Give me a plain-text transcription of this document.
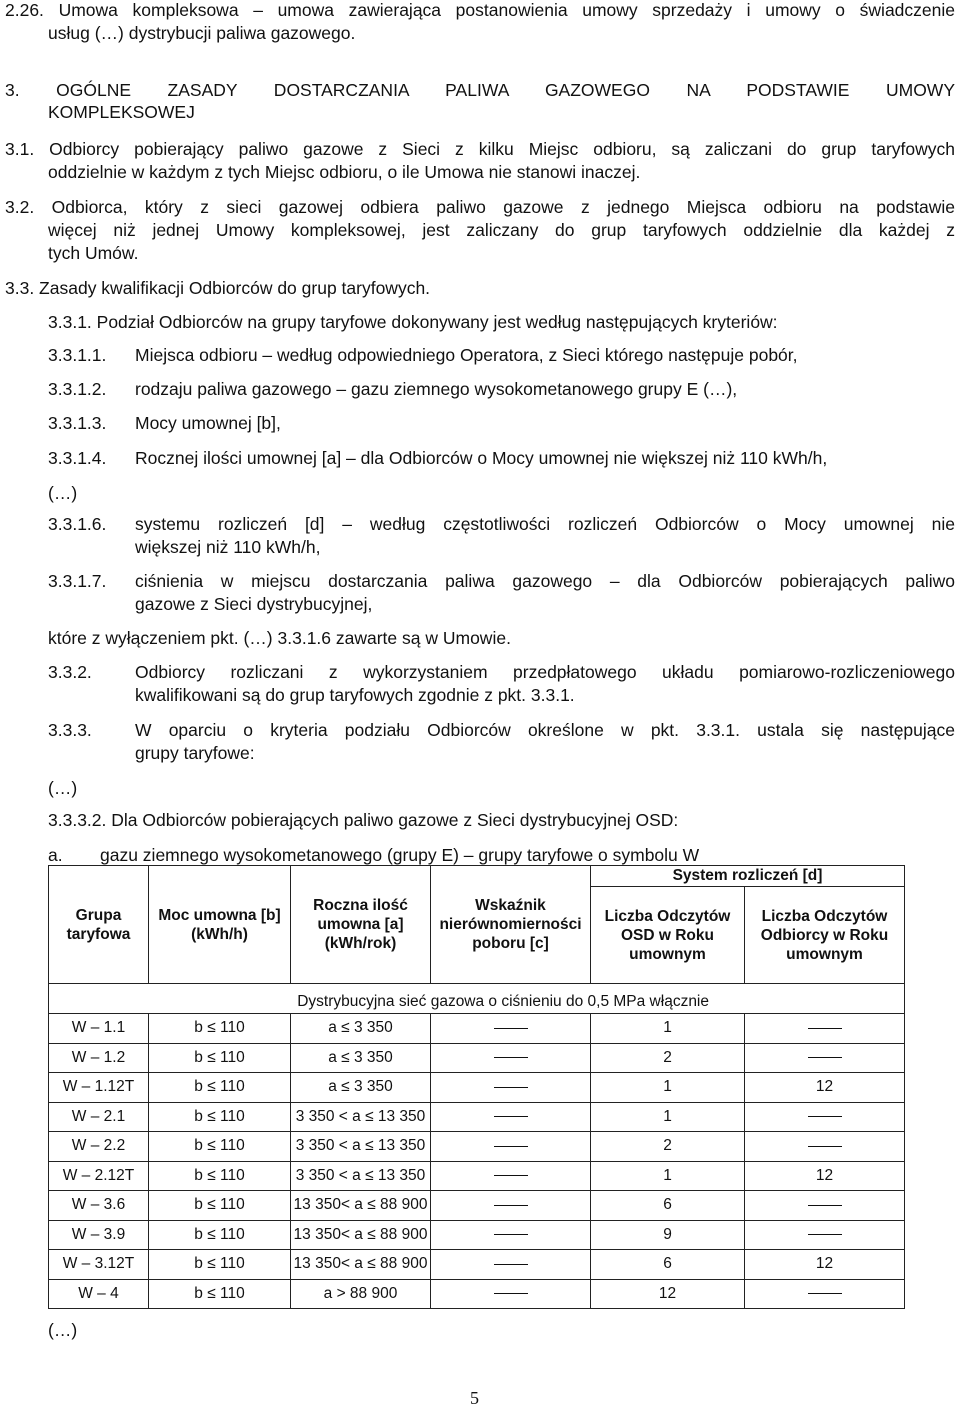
2.26. Umowa kompleksowa – umowa zawierająca postanowienia umowy sprzedaży i umowy o świadczenie
usług (…) dystrybucji paliwa gazowego.
3. OGÓLNE ZASADY DOSTARCZANIA PALIWA GAZOWEGO NA PODSTAWIE UMOWY
KOMPLEKSOWEJ
3.1. Odbiorcy pobierający paliwo gazowe z Sieci z kilku Miejsc odbioru, są zaliczani do grup taryfowych
oddzielnie w każdym z tych Miejsc odbioru, o ile Umowa nie stanowi inaczej.
3.2. Odbiorca, który z sieci gazowej odbiera paliwo gazowe z jednego Miejsca odbioru na podstawie
więcej niż jednej Umowy kompleksowej, jest zaliczany do grup taryfowych oddzielnie dla każdej z
tych Umów.
3.3. Zasady kwalifikacji Odbiorców do grup taryfowych.
3.3.1. Podział Odbiorców na grupy taryfowe dokonywany jest według następujących kryteriów:
3.3.1.1. Miejsca odbioru – według odpowiedniego Operatora, z Sieci którego następuje pobór,
3.3.1.2. rodzaju paliwa gazowego – gazu ziemnego wysokometanowego grupy E (…),
3.3.1.3. Mocy umownej [b],
3.3.1.4. Rocznej ilości umownej [a] – dla Odbiorców o Mocy umownej nie większej niż 110 kWh/h,
(…)
3.3.1.6. systemu rozliczeń [d] – według częstotliwości rozliczeń Odbiorców o Mocy umownej nie
większej niż 110 kWh/h,
3.3.1.7. ciśnienia w miejscu dostarczania paliwa gazowego – dla Odbiorców pobierających paliwo
gazowe z Sieci dystrybucyjnej,
które z wyłączeniem pkt. (…) 3.3.1.6 zawarte są w Umowie.
3.3.2. Odbiorcy rozliczani z wykorzystaniem przedpłatowego układu pomiarowo-rozliczeniowego
kwalifikowani są do grup taryfowych zgodnie z pkt. 3.3.1.
3.3.3. W oparciu o kryteria podziału Odbiorców określone w pkt. 3.3.1. ustala się następujące
grupy taryfowe:
(…)
3.3.3.2. Dla Odbiorców pobierających paliwo gazowe z Sieci dystrybucyjnej OSD:
a. gazu ziemnego wysokometanowego (grupy E) – grupy taryfowe o symbolu W
Grupa taryfowa	Moc umowna [b] (kWh/h)	Roczna ilość umowna [a] (kWh/rok)	Wskaźnik nierównomierności poboru [c]	System rozliczeń [d]	
				Liczba Odczytów OSD w Roku umownym	Liczba Odczytów Odbiorcy w Roku umownym
Dystrybucyjna sieć gazowa o ciśnieniu do 0,5 MPa włącznie					
W – 1.1	b ≤ 110	a ≤ 3 350		1	
W – 1.2	b ≤ 110	a ≤ 3 350		2	
W – 1.12T	b ≤ 110	a ≤ 3 350		1	12
W – 2.1	b ≤ 110	3 350 < a ≤ 13 350		1	
W – 2.2	b ≤ 110	3 350 < a ≤ 13 350		2	
W – 2.12T	b ≤ 110	3 350 < a ≤ 13 350		1	12
W – 3.6	b ≤ 110	13 350< a ≤ 88 900		6	
W – 3.9	b ≤ 110	13 350< a ≤ 88 900		9	
W – 3.12T	b ≤ 110	13 350< a ≤ 88 900		6	12
W – 4	b ≤ 110	a > 88 900		12	
(…)
5
